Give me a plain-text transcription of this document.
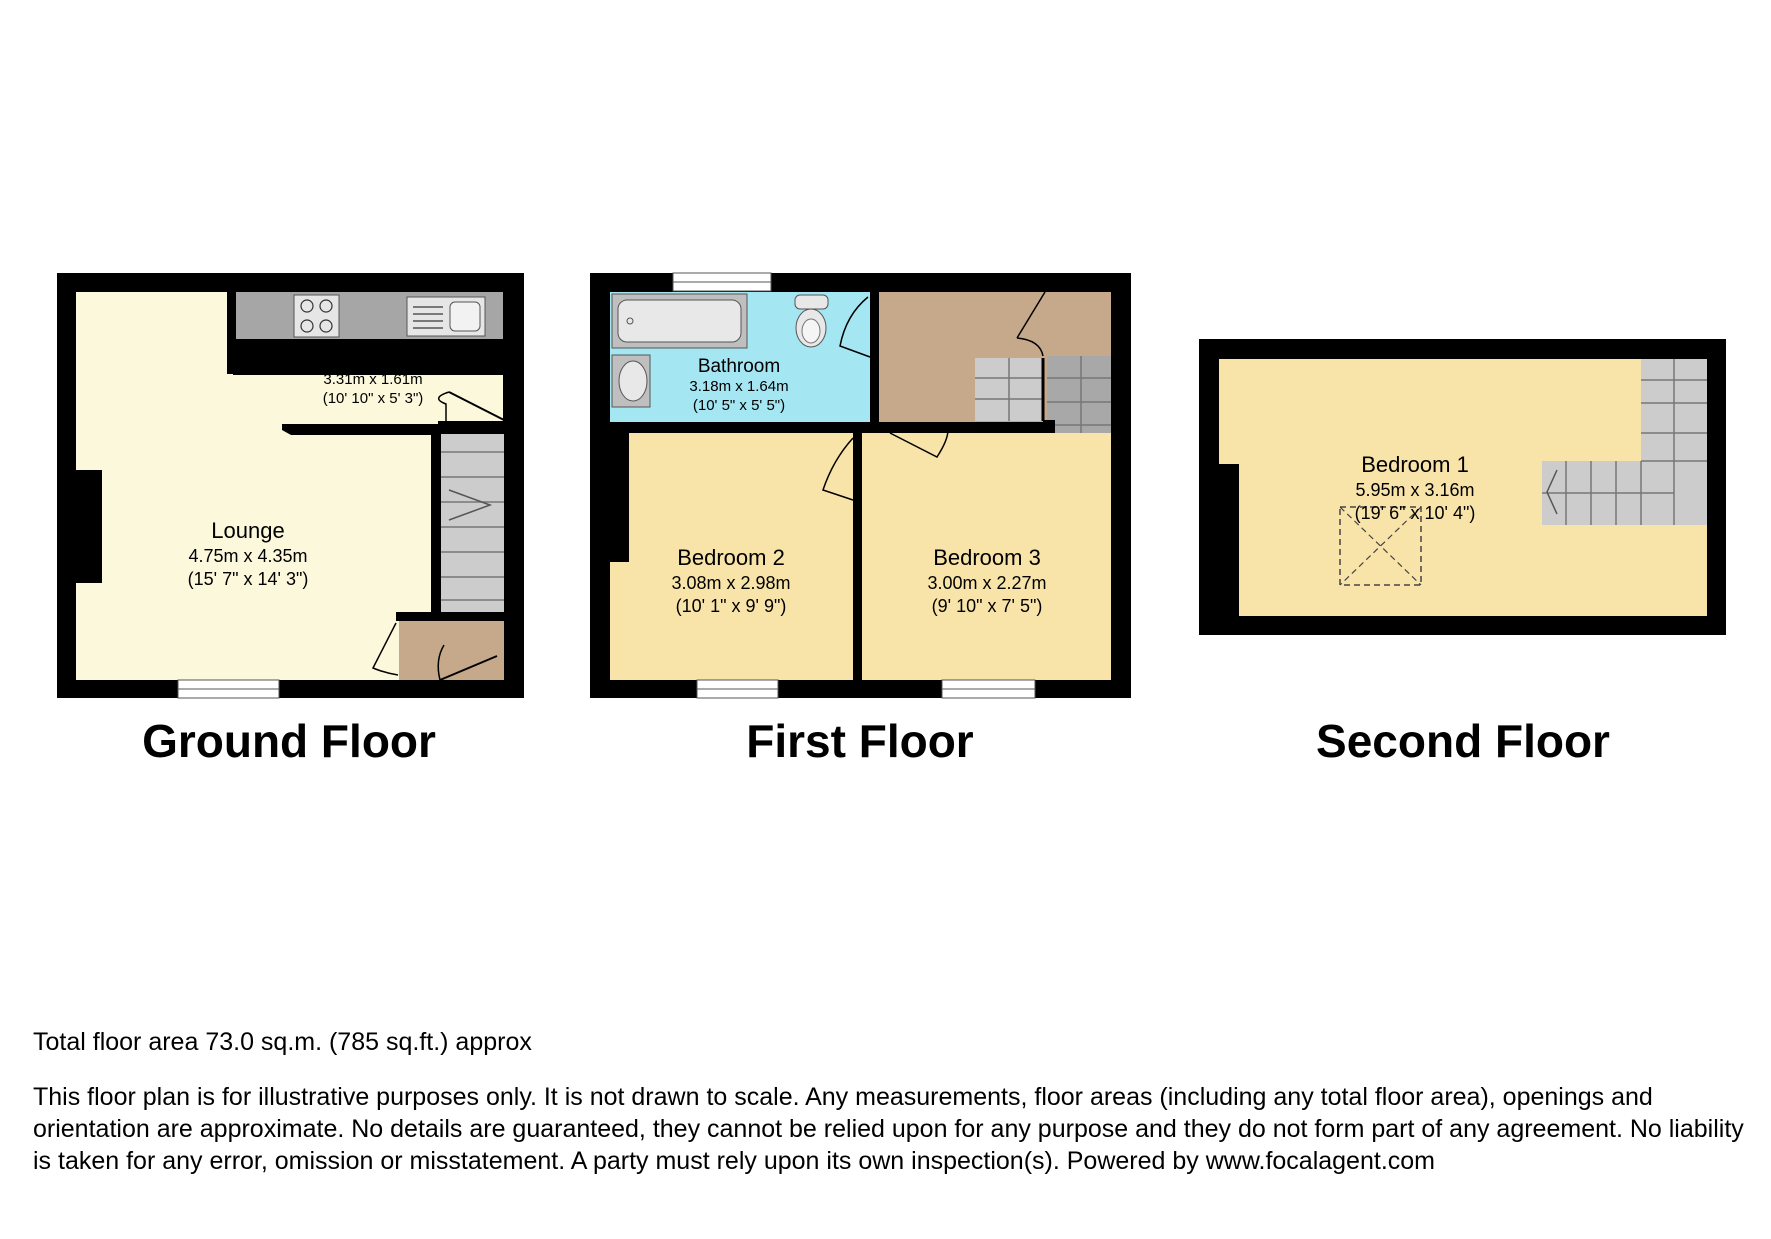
Lounge
4.75m x 4.35m
(15' 7" x 14' 3")
Kitchen
3.31m x 1.61m
(10' 10" x 5' 3")
Ground Floor
Bathroom
3.18m x 1.64m
(10' 5" x 5' 5")
Bedroom 2
3.08m x 2.98m
(10' 1" x 9' 9")
Bedroom 3
3.00m x 2.27m
(9' 10" x 7' 5")
First Floor
Bedroom 1
5.95m x 3.16m
(19' 6" x 10' 4")
Second Floor
Total floor area 73.0 sq.m. (785 sq.ft.) approx
This floor plan is for illustrative purposes only. It is not drawn to scale. Any measurements, floor areas (including any total floor area), openings and orientation are approximate. No details are guaranteed, they cannot be relied upon for any purpose and they do not form part of any agreement. No liability is taken for any error, omission or misstatement. A party must rely upon its own inspection(s). Powered by www.focalagent.com
